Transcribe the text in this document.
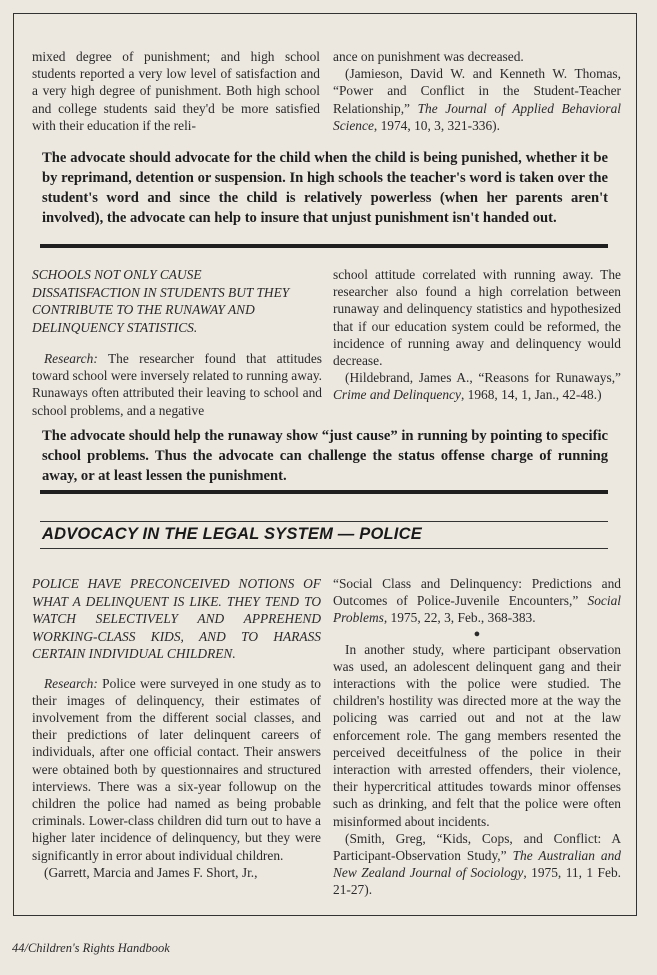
mixed degree of punishment; and high school students reported a very low level of satisfaction and a very high degree of punishment. Both high school and college students said they'd be more satisfied with their education if the reli-

ance on punishment was decreased.

(Jamieson, David W. and Kenneth W. Thomas, “Power and Conflict in the Student-Teacher Relationship,” The Journal of Applied Behavioral Science, 1974, 10, 3, 321-336).

The advocate should advocate for the child when the child is being punished, whether it be by reprimand, detention or suspension. In high schools the teacher's word is taken over the student's word and since the child is relatively powerless (when her parents aren't involved), the advocate can help to insure that unjust punishment isn't handed out.

SCHOOLS NOT ONLY CAUSE
DISSATISFACTION IN STUDENTS BUT THEY
CONTRIBUTE TO THE RUNAWAY AND
DELINQUENCY STATISTICS.

Research: The researcher found that attitudes toward school were inversely related to running away. Runaways often attributed their leaving to school and school problems, and a negative

school attitude correlated with running away. The researcher also found a high correlation between runaway and delinquency statistics and hypothesized that if our education system could be reformed, the incidence of running away and delinquency would decrease.

(Hildebrand, James A., “Reasons for Runaways,” Crime and Delinquency, 1968, 14, 1, Jan., 42-48.)

The advocate should help the runaway show “just cause” in running by pointing to specific school problems. Thus the advocate can challenge the status offense charge of running away, or at least lessen the punishment.
ADVOCACY IN THE LEGAL SYSTEM — POLICE

POLICE HAVE PRECONCEIVED NOTIONS OF WHAT A DELINQUENT IS LIKE. THEY TEND TO WATCH SELECTIVELY AND APPREHEND WORKING-CLASS KIDS, AND TO HARASS CERTAIN INDIVIDUAL CHILDREN.

Research: Police were surveyed in one study as to their images of delinquency, their estimates of involvement from the different social classes, and their predictions of later delinquent careers of individuals, after one official contact. Their answers were obtained both by questionnaires and structured interviews. There was a six-year followup on the children the police had named as being probable criminals. Lower-class children did turn out to have a higher later incidence of delinquency, but they were significantly in error about individual children.

(Garrett, Marcia and James F. Short, Jr.,

“Social Class and Delinquency: Predictions and Outcomes of Police-Juvenile Encounters,” Social Problems, 1975, 22, 3, Feb., 368-383.

●

In another study, where participant observation was used, an adolescent delinquent gang and their interactions with the police were studied. The children's hostility was directed more at the way the policing was carried out and not at the law enforcement role. The gang members resented the perceived deceitfulness of the police in their interaction with arrested offenders, their violence, their hypercritical attitudes towards minor offenses such as drinking, and felt that the police were often misinformed about incidents.

(Smith, Greg, “Kids, Cops, and Conflict: A Participant-Observation Study,” The Australian and New Zealand Journal of Sociology, 1975, 11, 1 Feb. 21-27).

44/Children's Rights Handbook
